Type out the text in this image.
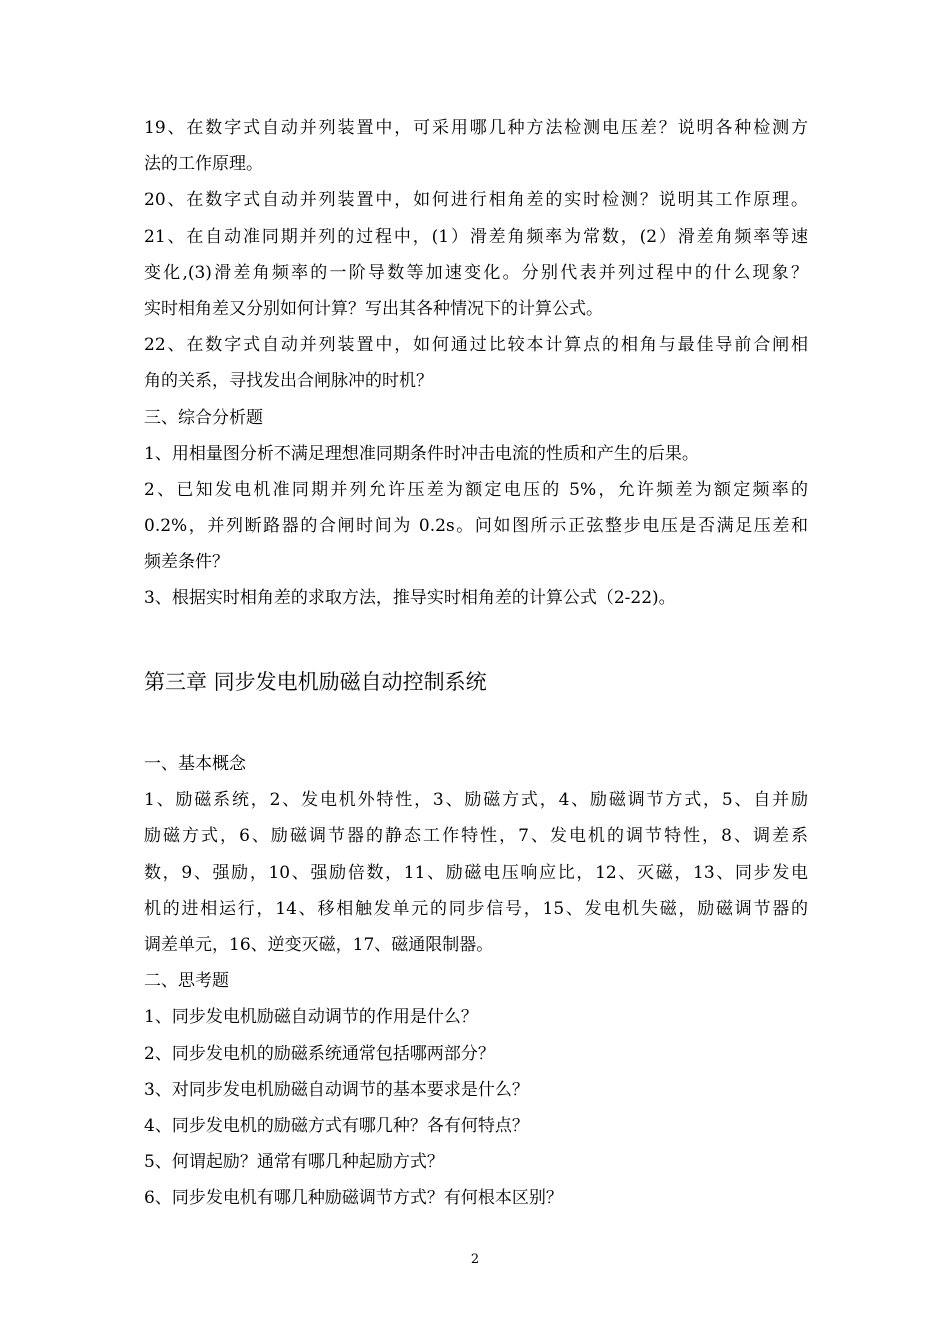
19、在数字式自动并列装置中，可采用哪几种方法检测电压差？说明各种检测方
法的工作原理。
20、在数字式自动并列装置中，如何进行相角差的实时检测？说明其工作原理。
21、在自动准同期并列的过程中，(1）滑差角频率为常数，(2）滑差角频率等速
变化,(3)滑差角频率的一阶导数等加速变化。分别代表并列过程中的什么现象？
实时相角差又分别如何计算？写出其各种情况下的计算公式。
22、在数字式自动并列装置中，如何通过比较本计算点的相角与最佳导前合闸相
角的关系，寻找发出合闸脉冲的时机？
三、综合分析题
1、用相量图分析不满足理想准同期条件时冲击电流的性质和产生的后果。
2、已知发电机准同期并列允许压差为额定电压的 5%，允许频差为额定频率的
0.2%，并列断路器的合闸时间为 0.2s。问如图所示正弦整步电压是否满足压差和
频差条件？
3、根据实时相角差的求取方法，推导实时相角差的计算公式（2-22)。
第三章 同步发电机励磁自动控制系统
一、基本概念
1、励磁系统，2、发电机外特性，3、励磁方式，4、励磁调节方式，5、自并励
励磁方式，6、励磁调节器的静态工作特性，7、发电机的调节特性，8、调差系
数，9、强励，10、强励倍数，11、励磁电压响应比，12、灭磁，13、同步发电
机的进相运行，14、移相触发单元的同步信号，15、发电机失磁，励磁调节器的
调差单元，16、逆变灭磁，17、磁通限制器。
二、思考题
1、同步发电机励磁自动调节的作用是什么？
2、同步发电机的励磁系统通常包括哪两部分？
3、对同步发电机励磁自动调节的基本要求是什么？
4、同步发电机的励磁方式有哪几种？各有何特点？
5、何谓起励？通常有哪几种起励方式？
6、同步发电机有哪几种励磁调节方式？有何根本区别？
2
